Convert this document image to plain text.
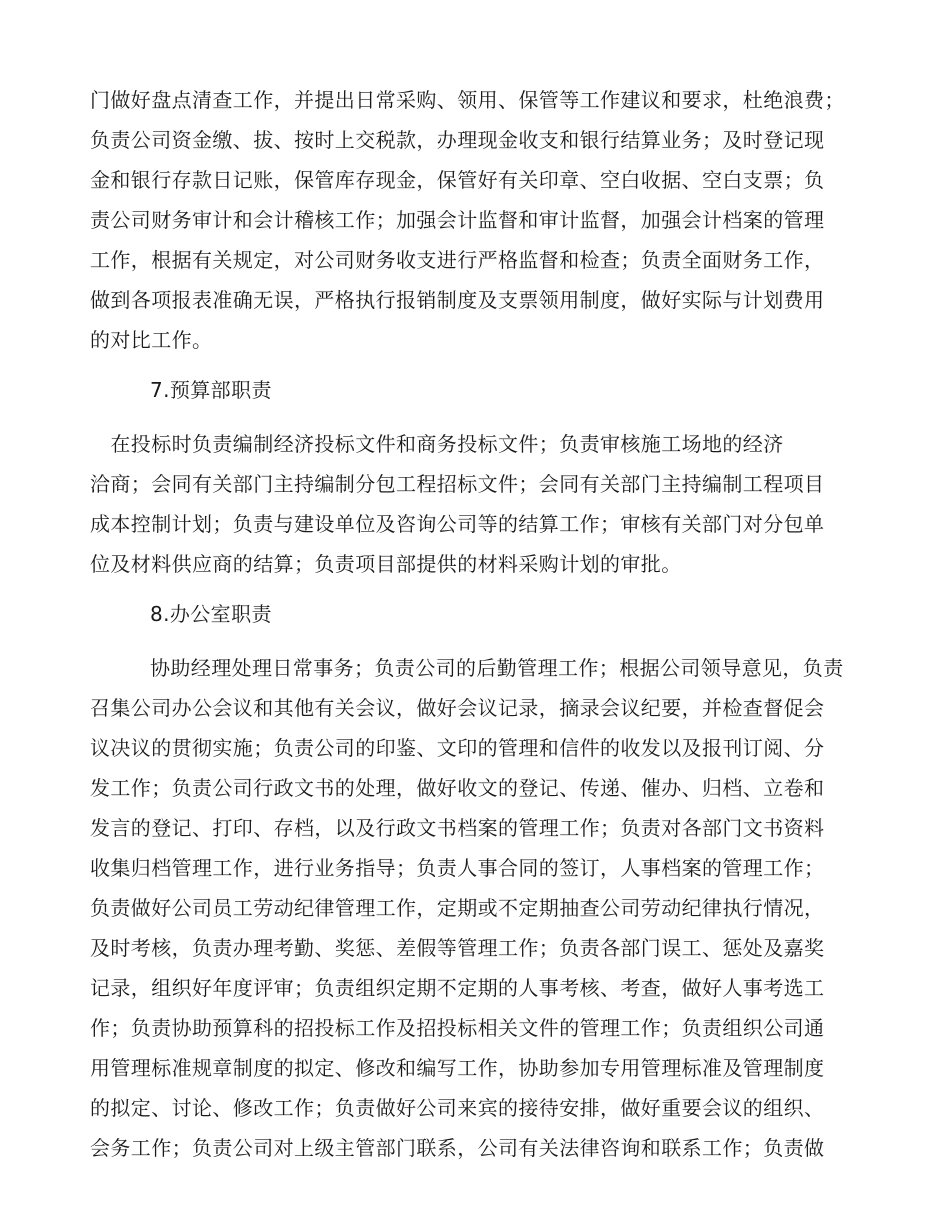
门做好盘点清查工作，并提出日常采购、领用、保管等工作建议和要求，杜绝浪费；
负责公司资金缴、拔、按时上交税款，办理现金收支和银行结算业务；及时登记现
金和银行存款日记账，保管库存现金，保管好有关印章、空白收据、空白支票；负
责公司财务审计和会计稽核工作；加强会计监督和审计监督，加强会计档案的管理
工作，根据有关规定，对公司财务收支进行严格监督和检查；负责全面财务工作，
做到各项报表准确无误，严格执行报销制度及支票领用制度，做好实际与计划费用
的对比工作。
7.预算部职责
　在投标时负责编制经济投标文件和商务投标文件；负责审核施工场地的经济
洽商；会同有关部门主持编制分包工程招标文件；会同有关部门主持编制工程项目
成本控制计划；负责与建设单位及咨询公司等的结算工作；审核有关部门对分包单
位及材料供应商的结算；负责项目部提供的材料采购计划的审批。
8.办公室职责
协助经理处理日常事务；负责公司的后勤管理工作；根据公司领导意见，负责
召集公司办公会议和其他有关会议，做好会议记录，摘录会议纪要，并检查督促会
议决议的贯彻实施；负责公司的印鉴、文印的管理和信件的收发以及报刊订阅、分
发工作；负责公司行政文书的处理，做好收文的登记、传递、催办、归档、立卷和
发言的登记、打印、存档，以及行政文书档案的管理工作；负责对各部门文书资料
收集归档管理工作，进行业务指导；负责人事合同的签订，人事档案的管理工作；
负责做好公司员工劳动纪律管理工作，定期或不定期抽查公司劳动纪律执行情况，
及时考核，负责办理考勤、奖惩、差假等管理工作；负责各部门误工、惩处及嘉奖
记录，组织好年度评审；负责组织定期不定期的人事考核、考查，做好人事考选工
作；负责协助预算科的招投标工作及招投标相关文件的管理工作；负责组织公司通
用管理标准规章制度的拟定、修改和编写工作，协助参加专用管理标准及管理制度
的拟定、讨论、修改工作；负责做好公司来宾的接待安排，做好重要会议的组织、
会务工作；负责公司对上级主管部门联系，公司有关法律咨询和联系工作；负责做
